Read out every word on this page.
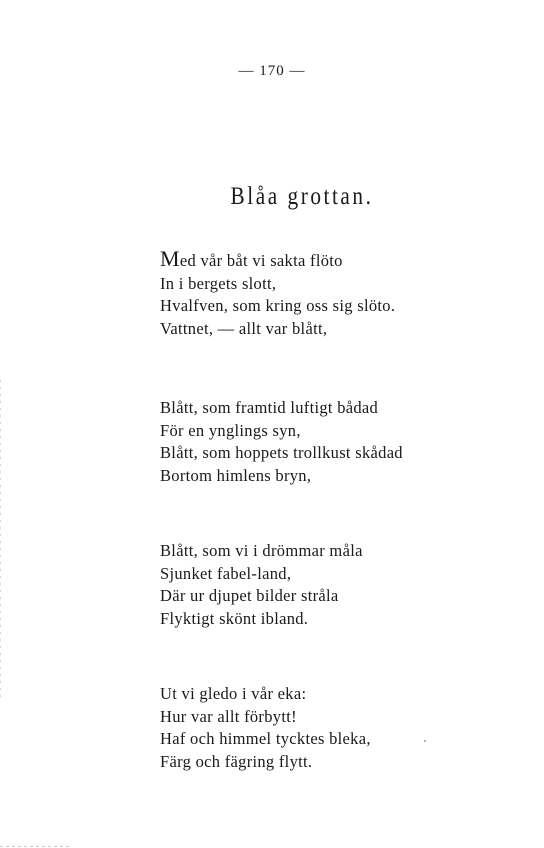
— 170 —
Blåa grottan.
Med vår båt vi sakta flöto
In i bergets slott,
Hvalfven, som kring oss sig slöto.
Vattnet, — allt var blått,
Blått, som framtid luftigt bådad
För en ynglings syn,
Blått, som hoppets trollkust skådad
Bortom himlens bryn,
Blått, som vi i drömmar måla
Sjunket fabel-land,
Där ur djupet bilder stråla
Flyktigt skönt ibland.
Ut vi gledo i vår eka:
Hur var allt förbytt!
Haf och himmel tycktes bleka,
Färg och fägring flytt.
